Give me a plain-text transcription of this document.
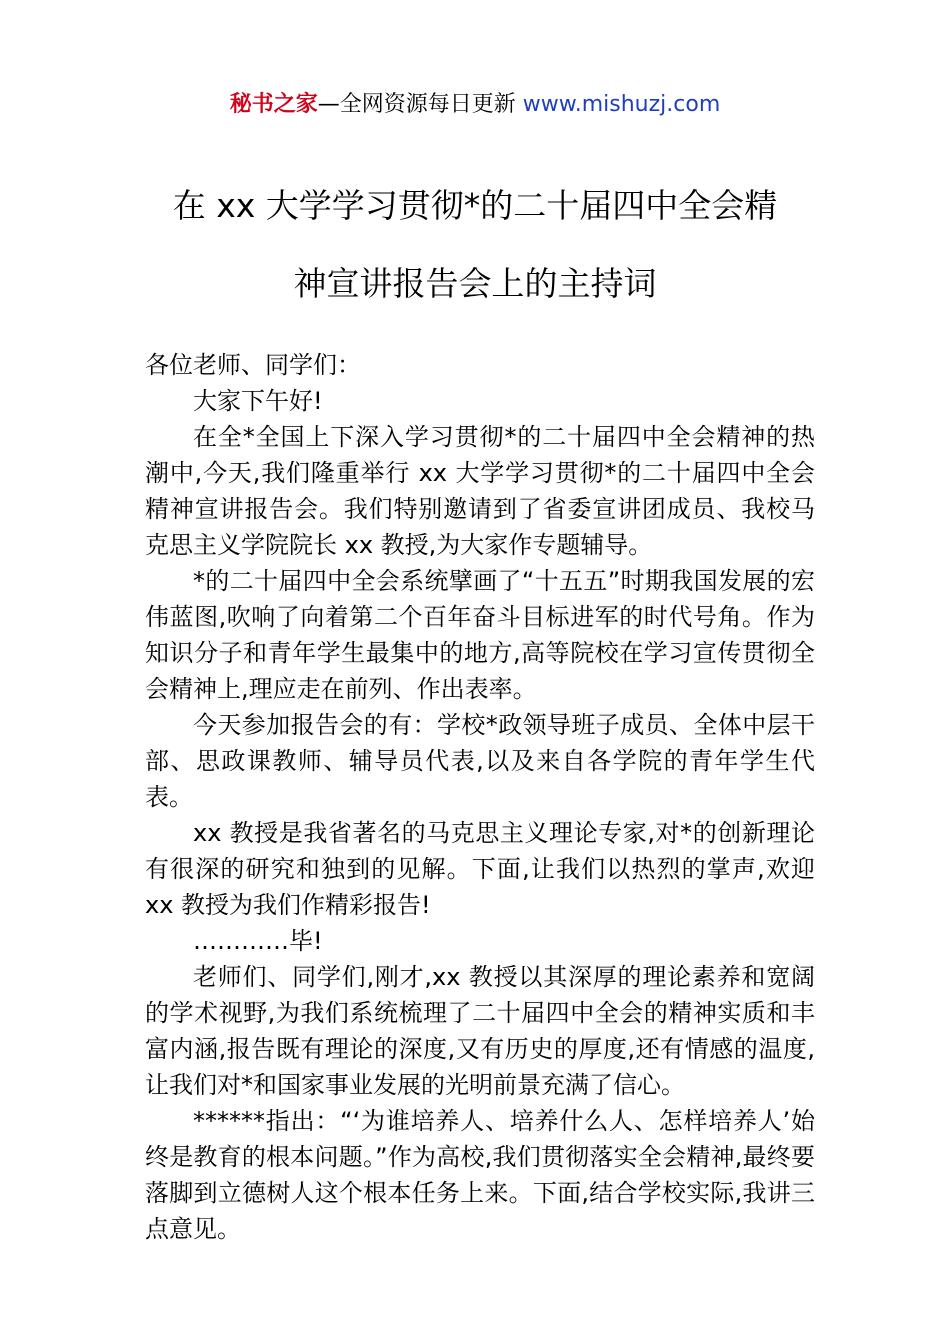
秘书之家—全网资源每日更新 www.mishuzj.com
在 xx 大学学习贯彻*的二十届四中全会精
神宣讲报告会上的主持词

各位老师、同学们：

大家下午好!

在全*全国上下深入学习贯彻*的二十届四中全会精神的热潮中,今天,我们隆重举行 xx 大学学习贯彻*的二十届四中全会精神宣讲报告会。我们特别邀请到了省委宣讲团成员、我校马克思主义学院院长 xx 教授,为大家作专题辅导。

*的二十届四中全会系统擘画了“十五五”时期我国发展的宏伟蓝图,吹响了向着第二个百年奋斗目标进军的时代号角。作为知识分子和青年学生最集中的地方,高等院校在学习宣传贯彻全会精神上,理应走在前列、作出表率。

今天参加报告会的有：学校*政领导班子成员、全体中层干部、思政课教师、辅导员代表,以及来自各学院的青年学生代表。

xx 教授是我省著名的马克思主义理论专家,对*的创新理论有很深的研究和独到的见解。下面,让我们以热烈的掌声,欢迎 xx 教授为我们作精彩报告!

…………毕!

老师们、同学们,刚才,xx 教授以其深厚的理论素养和宽阔的学术视野,为我们系统梳理了二十届四中全会的精神实质和丰富内涵,报告既有理论的深度,又有历史的厚度,还有情感的温度,让我们对*和国家事业发展的光明前景充满了信心。

******指出：“‘为谁培养人、培养什么人、怎样培养人’始终是教育的根本问题。”作为高校,我们贯彻落实全会精神,最终要落脚到立德树人这个根本任务上来。下面,结合学校实际,我讲三点意见。
